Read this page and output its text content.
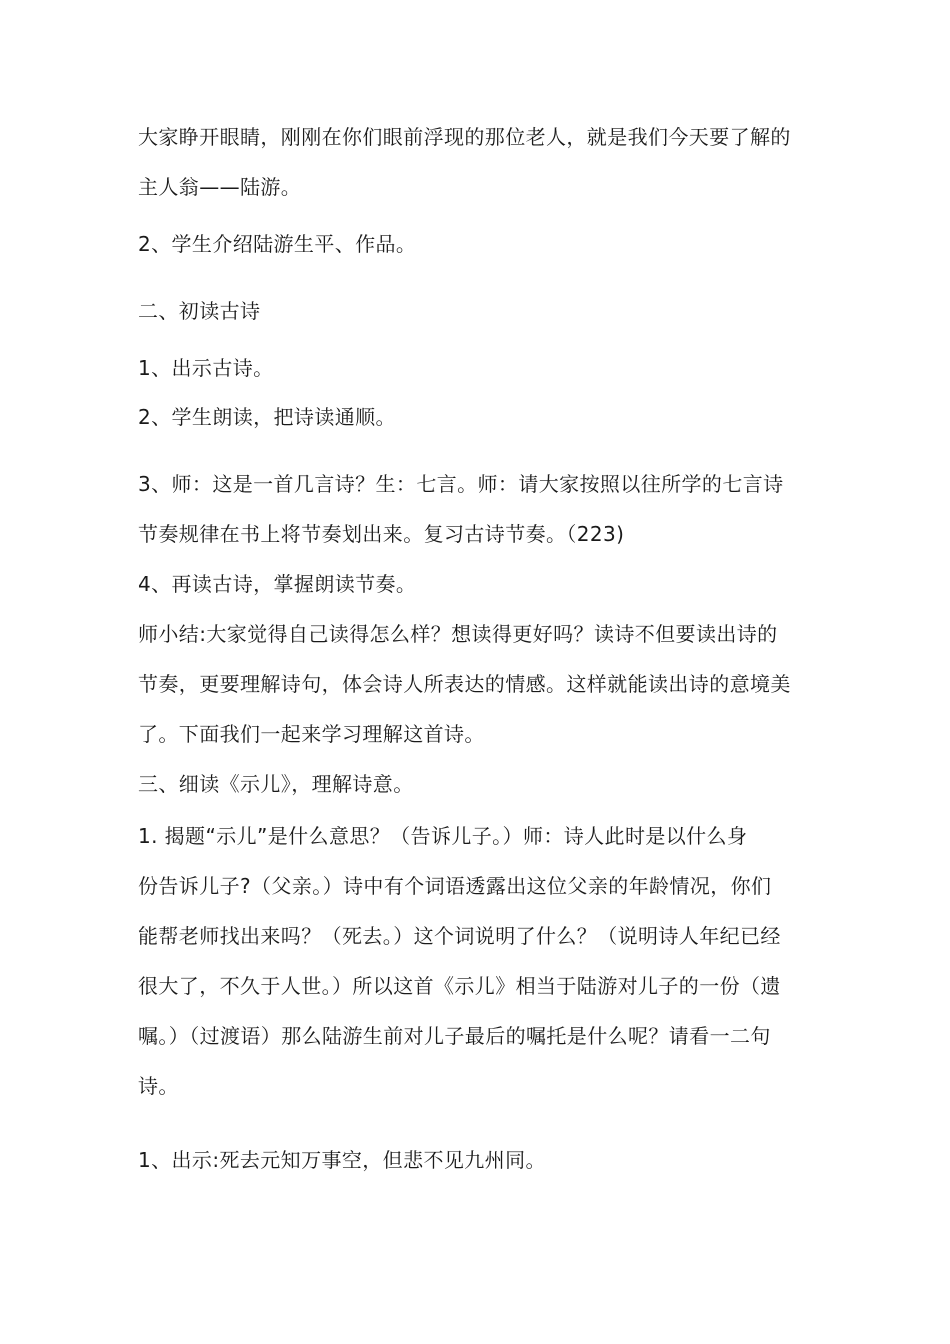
大家睁开眼睛，刚刚在你们眼前浮现的那位老人，就是我们今天要了解的
主人翁——陆游。
2、学生介绍陆游生平、作品。
二、初读古诗
1、出示古诗。
2、学生朗读，把诗读通顺。
3、师：这是一首几言诗？生：七言。师：请大家按照以往所学的七言诗
节奏规律在书上将节奏划出来。复习古诗节奏。（223)
4、再读古诗，掌握朗读节奏。
师小结:大家觉得自己读得怎么样？想读得更好吗？读诗不但要读出诗的
节奏，更要理解诗句，体会诗人所表达的情感。这样就能读出诗的意境美
了。下面我们一起来学习理解这首诗。
三、细读《示儿》，理解诗意。
1. 揭题“示儿”是什么意思？（告诉儿子。）师：诗人此时是以什么身
份告诉儿子?（父亲。）诗中有个词语透露出这位父亲的年龄情况，你们
能帮老师找出来吗？（死去。）这个词说明了什么？（说明诗人年纪已经
很大了，不久于人世。）所以这首《示儿》相当于陆游对儿子的一份（遗
嘱。）（过渡语）那么陆游生前对儿子最后的嘱托是什么呢？请看一二句
诗。
1、出示:死去元知万事空，但悲不见九州同。
